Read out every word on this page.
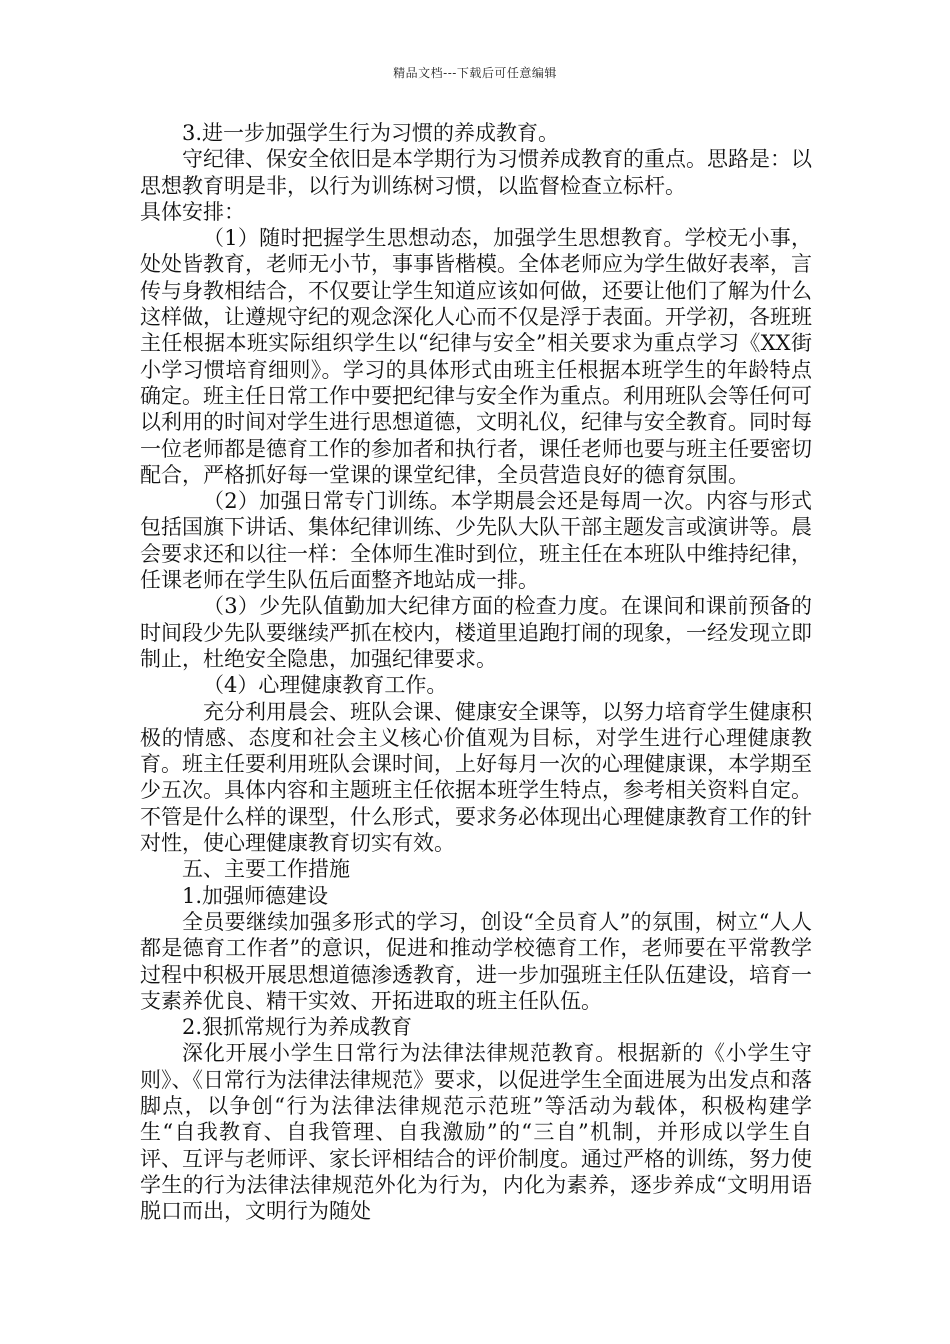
精品文档---下载后可任意编辑

3.进一步加强学生行为习惯的养成教育。

守纪律、保安全依旧是本学期行为习惯养成教育的重点。思路是：以思想教育明是非，以行为训练树习惯，以监督检查立标杆。

具体安排：

（1）随时把握学生思想动态，加强学生思想教育。学校无小事，处处皆教育，老师无小节，事事皆楷模。全体老师应为学生做好表率，言传与身教相结合，不仅要让学生知道应该如何做，还要让他们了解为什么这样做，让遵规守纪的观念深化人心而不仅是浮于表面。开学初，各班班主任根据本班实际组织学生以“纪律与安全”相关要求为重点学习《XX街小学习惯培育细则》。学习的具体形式由班主任根据本班学生的年龄特点确定。班主任日常工作中要把纪律与安全作为重点。利用班队会等任何可以利用的时间对学生进行思想道德，文明礼仪，纪律与安全教育。同时每一位老师都是德育工作的参加者和执行者，课任老师也要与班主任要密切配合，严格抓好每一堂课的课堂纪律，全员营造良好的德育氛围。

（2）加强日常专门训练。本学期晨会还是每周一次。内容与形式包括国旗下讲话、集体纪律训练、少先队大队干部主题发言或演讲等。晨会要求还和以往一样：全体师生准时到位，班主任在本班队中维持纪律，任课老师在学生队伍后面整齐地站成一排。

（3）少先队值勤加大纪律方面的检查力度。在课间和课前预备的时间段少先队要继续严抓在校内，楼道里追跑打闹的现象，一经发现立即制止，杜绝安全隐患，加强纪律要求。

（4）心理健康教育工作。

充分利用晨会、班队会课、健康安全课等，以努力培育学生健康积极的情感、态度和社会主义核心价值观为目标，对学生进行心理健康教育。班主任要利用班队会课时间，上好每月一次的心理健康课，本学期至少五次。具体内容和主题班主任依据本班学生特点，参考相关资料自定。不管是什么样的课型，什么形式，要求务必体现出心理健康教育工作的针对性，使心理健康教育切实有效。

五、主要工作措施

1.加强师德建设

全员要继续加强多形式的学习，创设“全员育人”的氛围，树立“人人都是德育工作者”的意识，促进和推动学校德育工作，老师要在平常教学过程中积极开展思想道德渗透教育，进一步加强班主任队伍建设，培育一支素养优良、精干实效、开拓进取的班主任队伍。

2.狠抓常规行为养成教育

深化开展小学生日常行为法律法律规范教育。根据新的《小学生守则》、《日常行为法律法律规范》要求，以促进学生全面进展为出发点和落脚点，以争创“行为法律法律规范示范班”等活动为载体，积极构建学生“自我教育、自我管理、自我激励”的“三自”机制，并形成以学生自评、互评与老师评、家长评相结合的评价制度。通过严格的训练，努力使学生的行为法律法律规范外化为行为，内化为素养，逐步养成“文明用语脱口而出，文明行为随处
